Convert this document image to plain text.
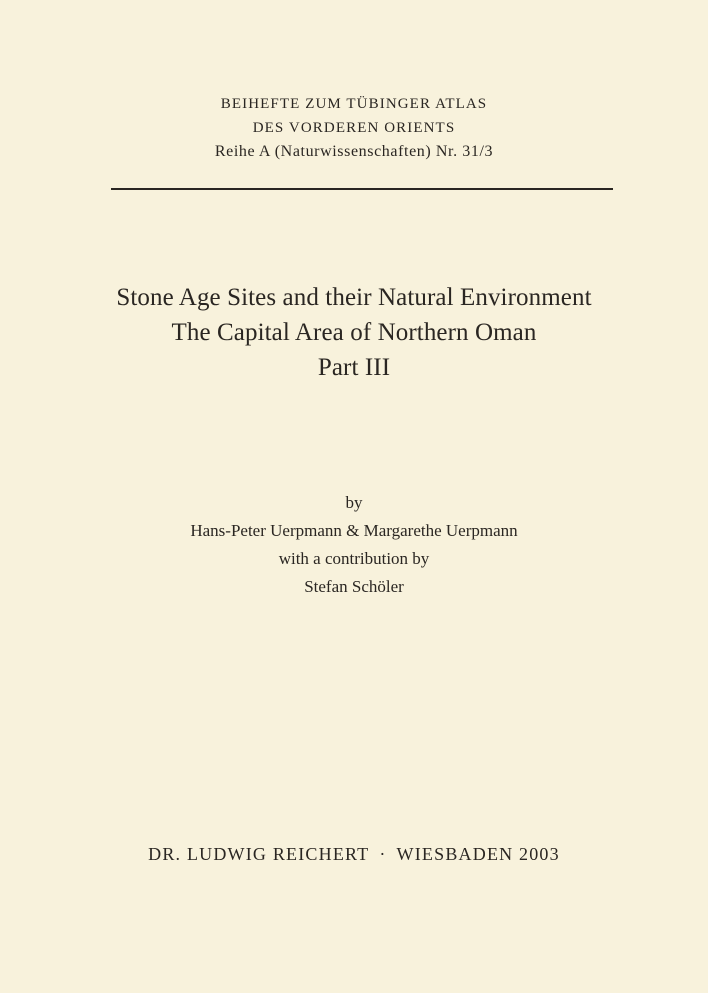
BEIHEFTE ZUM TÜBINGER ATLAS
DES VORDEREN ORIENTS
Reihe A (Naturwissenschaften) Nr. 31/3
Stone Age Sites and their Natural Environment
The Capital Area of Northern Oman
Part III
by
Hans-Peter Uerpmann & Margarethe Uerpmann
with a contribution by
Stefan Schöler
DR. LUDWIG REICHERT · WIESBADEN 2003
